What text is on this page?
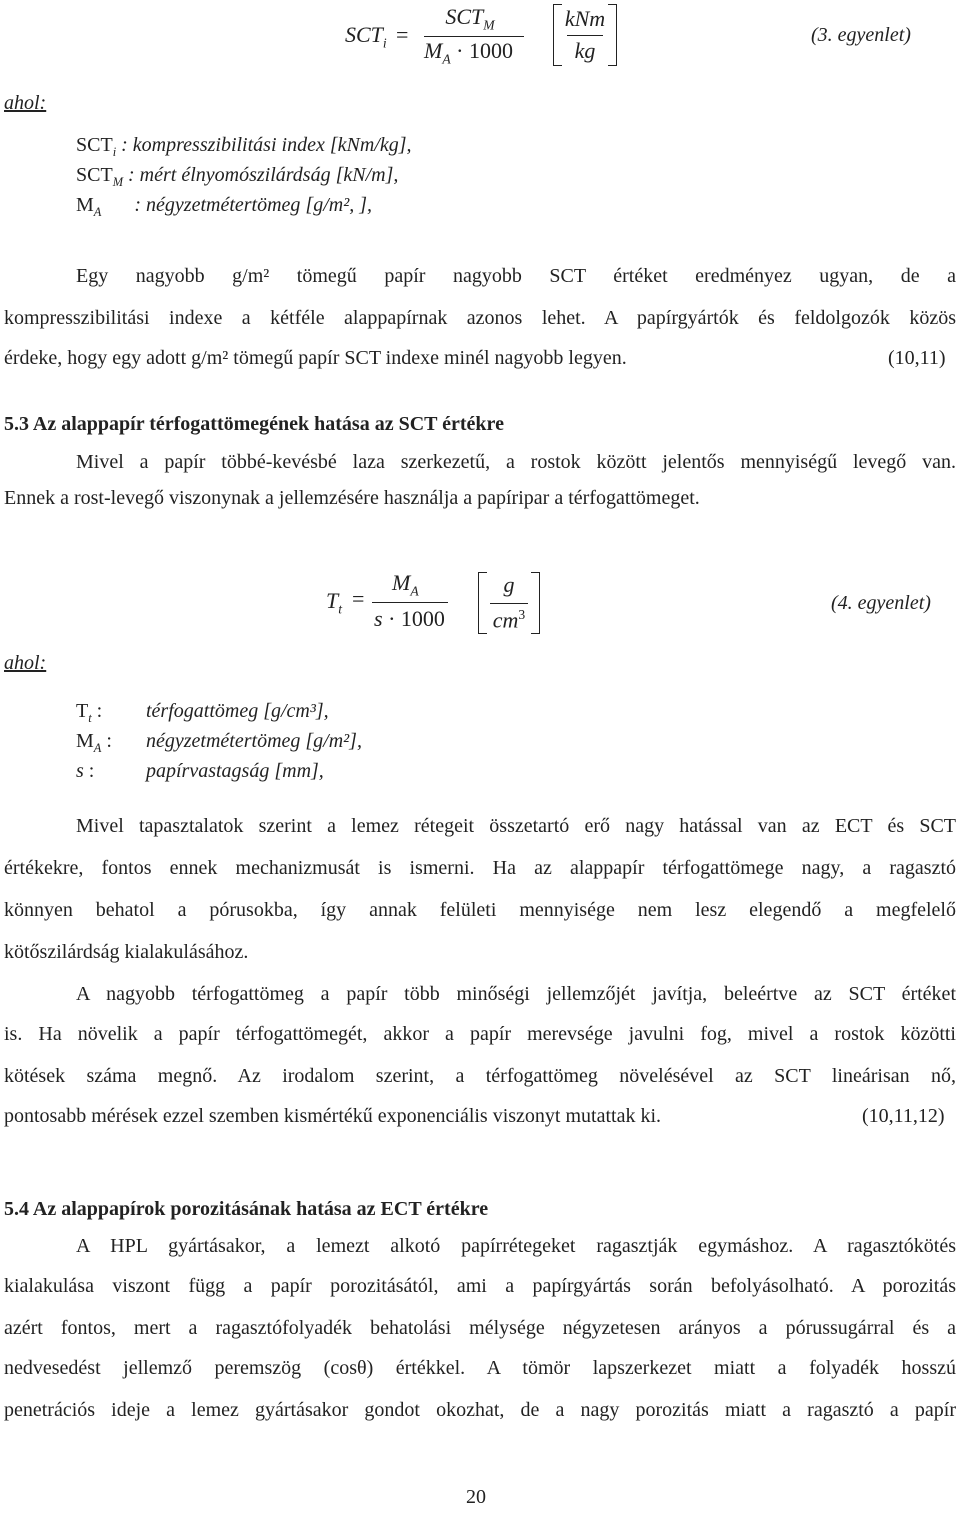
=
$SCT_M$
$M_A \cdot 1000$
$SCT_i$
kNm
kg
(3. egyenlet)
ahol:
$SCT_i$ : kompresszibilitási index [kNm/kg],
$SCT_M$ : mért élnyomószilárdság [kN/m],
$M_A$ : négyzetmétertömeg [g/m², ],
Egy nagyobb g/m² tömegű papír nagyobb SCT értéket eredményez ugyan, de a
kompresszibilitási indexe a kétféle alappapírnak azonos lehet. A papírgyártók és feldolgozók közös
érdeke, hogy egy adott g/m² tömegű papír SCT indexe minél nagyobb legyen.	(10,11)
5.3 Az alappapír térfogattömegének hatása az SCT értékre
Mivel a papír többé-kevésbé laza szerkezetű, a rostok között jelentős mennyiségű levegő van.
Ennek a rost-levegő viszonynak a jellemzésére használja a papíripar a térfogattömeget.
$T_t$ =
$M_A$
s · 1000
g
$cm^3$
(4. egyenlet)
ahol:
$T_t$ : térfogattömeg [g/cm³],
$M_A$ : négyzetmétertömeg [g/m²],
s :	papírvastagság [mm],
Mivel tapasztalatok szerint a lemez rétegeit összetartó erő nagy hatással van az ECT és SCT
értékekre, fontos ennek mechanizmusát is ismerni. Ha az alappapír térfogattömege nagy, a ragasztó
könnyen behatol a pórusokba, így annak felületi mennyisége nem lesz elegendő a megfelelő
kötőszilárdság kialakulásához.
A nagyobb térfogattömeg a papír több minőségi jellemzőjét javítja, beleértve az SCT értéket
is. Ha növelik a papír térfogattömegét, akkor a papír merevsége javulni fog, mivel a rostok közötti
kötések száma megnő. Az irodalom szerint, a térfogattömeg növelésével az SCT lineárisan nő,
pontosabb mérések ezzel szemben kismértékű exponenciális viszonyt mutattak ki.	(10,11,12)
5.4 Az alappapírok porozitásának hatása az ECT értékre
A HPL gyártásakor, a lemezt alkotó papírrétegeket ragasztják egymáshoz. A ragasztókötés
kialakulása viszont függ a papír porozitásától, ami a papírgyártás során befolyásolható. A porozitás
azért fontos, mert a ragasztófolyadék behatolási mélysége négyzetesen arányos a pórussugárral és a
nedvesedést jellemző peremszög (cosθ) értékkel. A tömör lapszerkezet miatt a folyadék hosszú
penetrációs ideje a lemez gyártásakor gondot okozhat, de a nagy porozitás miatt a ragasztó a papír
20
